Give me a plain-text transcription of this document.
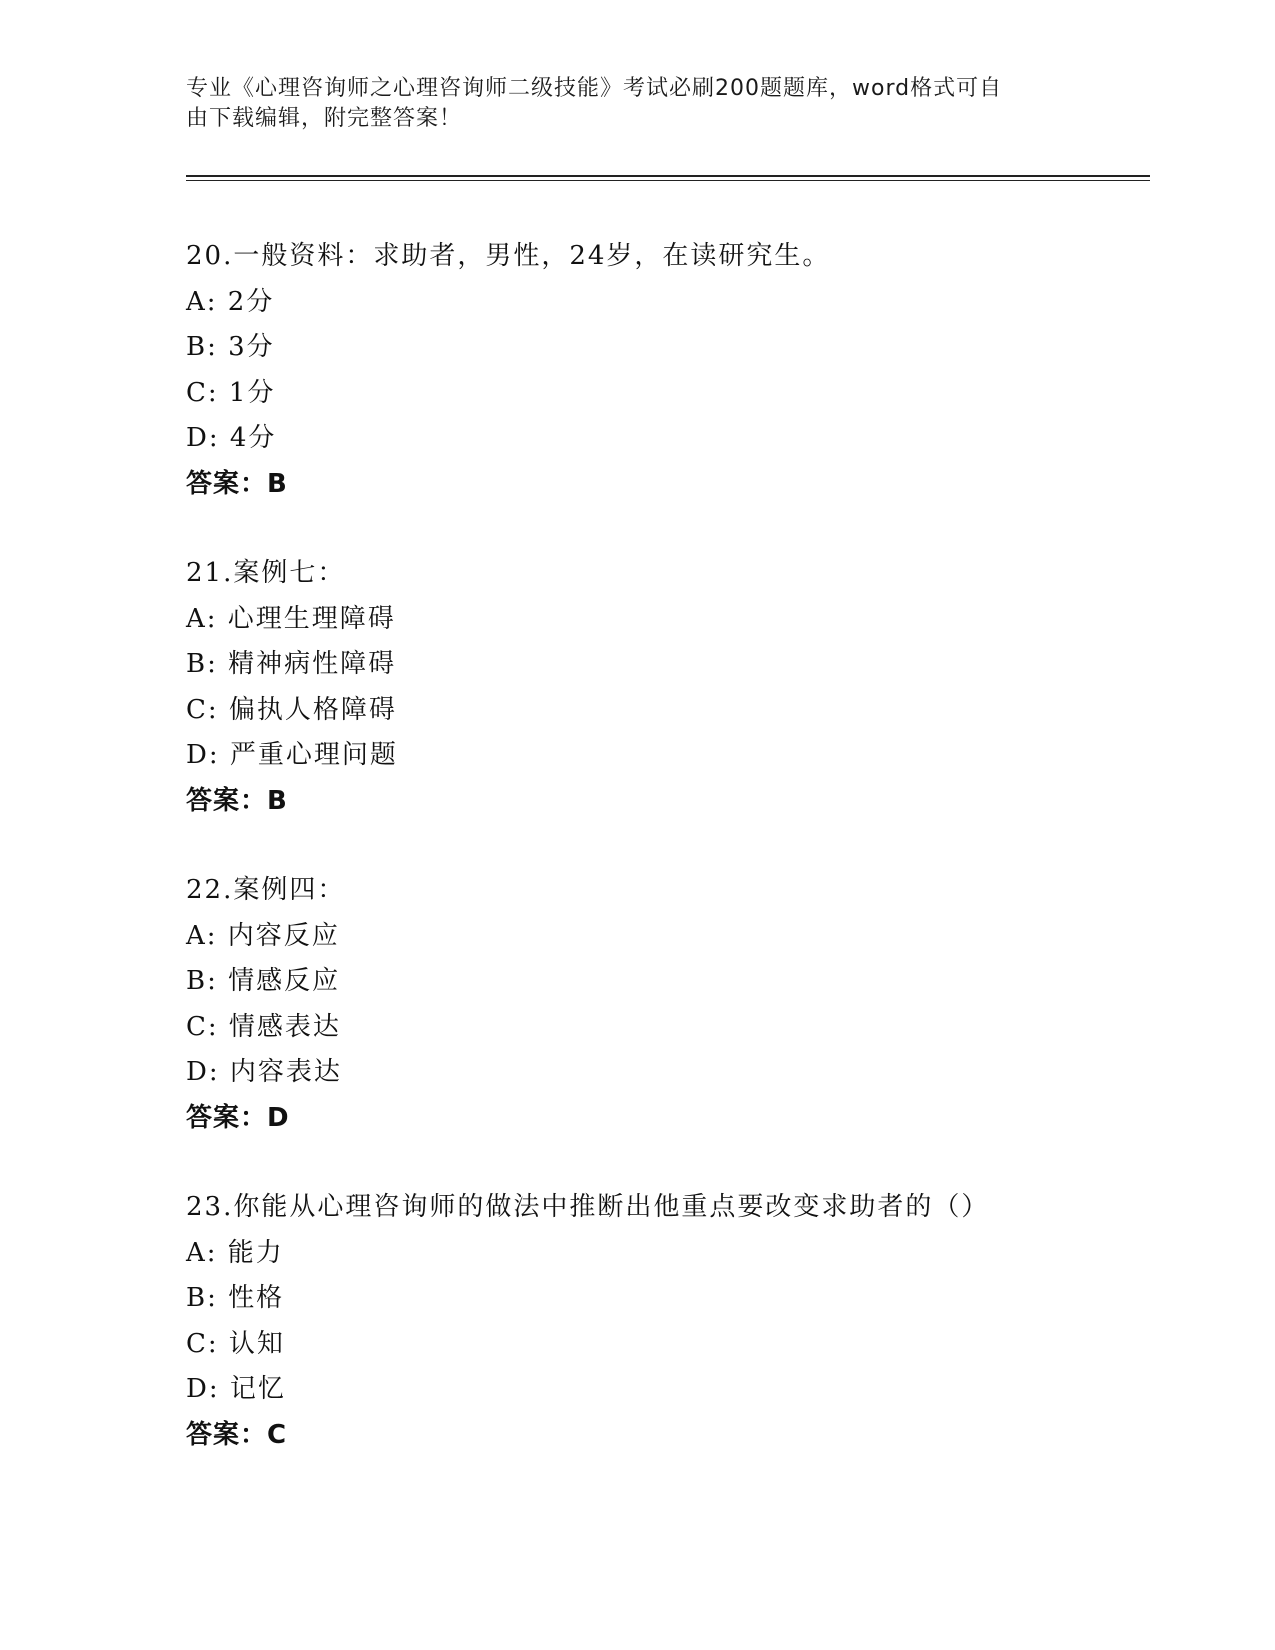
专业《心理咨询师之心理咨询师二级技能》考试必刷200题题库，word格式可自
由下载编辑，附完整答案！
20.一般资料：求助者，男性，24岁，在读研究生。
A: 2分
B: 3分
C: 1分
D: 4分
答案：B
21.案例七：
A: 心理生理障碍
B: 精神病性障碍
C: 偏执人格障碍
D: 严重心理问题
答案：B
22.案例四：
A: 内容反应
B: 情感反应
C: 情感表达
D: 内容表达
答案：D
23.你能从心理咨询师的做法中推断出他重点要改变求助者的（）
A: 能力
B: 性格
C: 认知
D: 记忆
答案：C
